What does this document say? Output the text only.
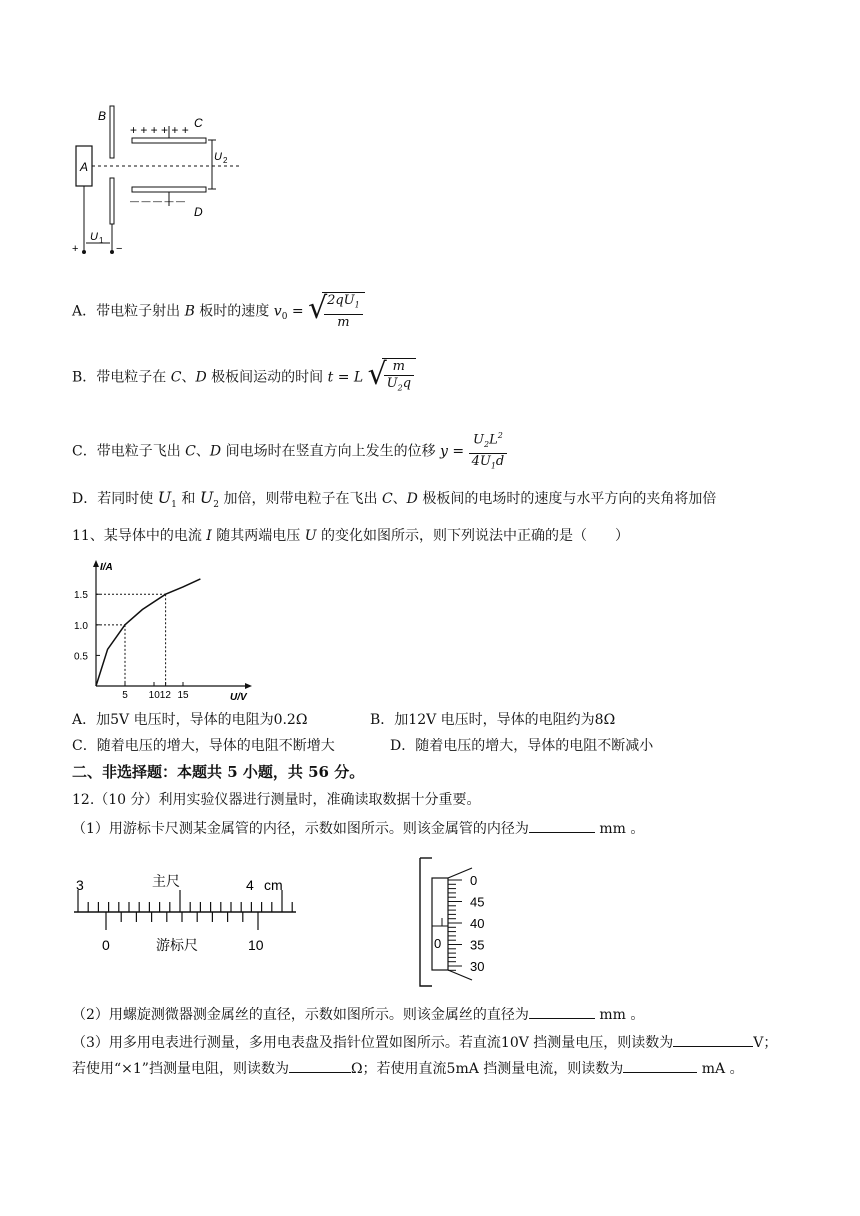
A
B
+ + + + + +
— — — — —
C
D
U 2
+	−
U 1
A．带电粒子射出 B 板时的速度 $v_0$ = √
$\frac{2qU_1}{m}$
B．带电粒子在 C、D 极板间运动的时间 t = L √
$\frac{m}{U_2q}$
C．带电粒子飞出 C、D 间电场时在竖直方向上发生的位移 $y = \frac{U_2L^2}{4U_1d}$
D．若同时使 $U_1$ 和 $U_2$ 加倍，则带电粒子在飞出 C、D 极板间的电场时的速度与水平方向的夹角将加倍
11、某导体中的电流 I 随其两端电压 U 的变化如图所示，则下列说法中正确的是（　　）
I/A
U/V
1.5
1.0
0.5
5 1012 15
A．加5V 电压时，导体的电阻为0.2Ω	B．加12V 电压时，导体的电阻约为8Ω
C．随着电压的增大，导体的电阻不断增大	D．随着电压的增大，导体的电阻不断减小
二、非选择题：本题共 5 小题，共 56 分。
12.（10 分）利用实验仪器进行测量时，准确读取数据十分重要。
（1）用游标卡尺测某金属管的内径，示数如图所示。则该金属管的内径为	mm 。
3	主尺	4 cm
0	游标尺	10	0
0
45
40
35
30
（2）用螺旋测微器测金属丝的直径，示数如图所示。则该金属丝的直径为	mm 。
（3）用多用电表进行测量，多用电表盘及指针位置如图所示。若直流10V 挡测量电压，则读数为	V；
若使用“×1”挡测量电阻，则读数为	Ω；若使用直流5mA 挡测量电流，则读数为	mA 。
